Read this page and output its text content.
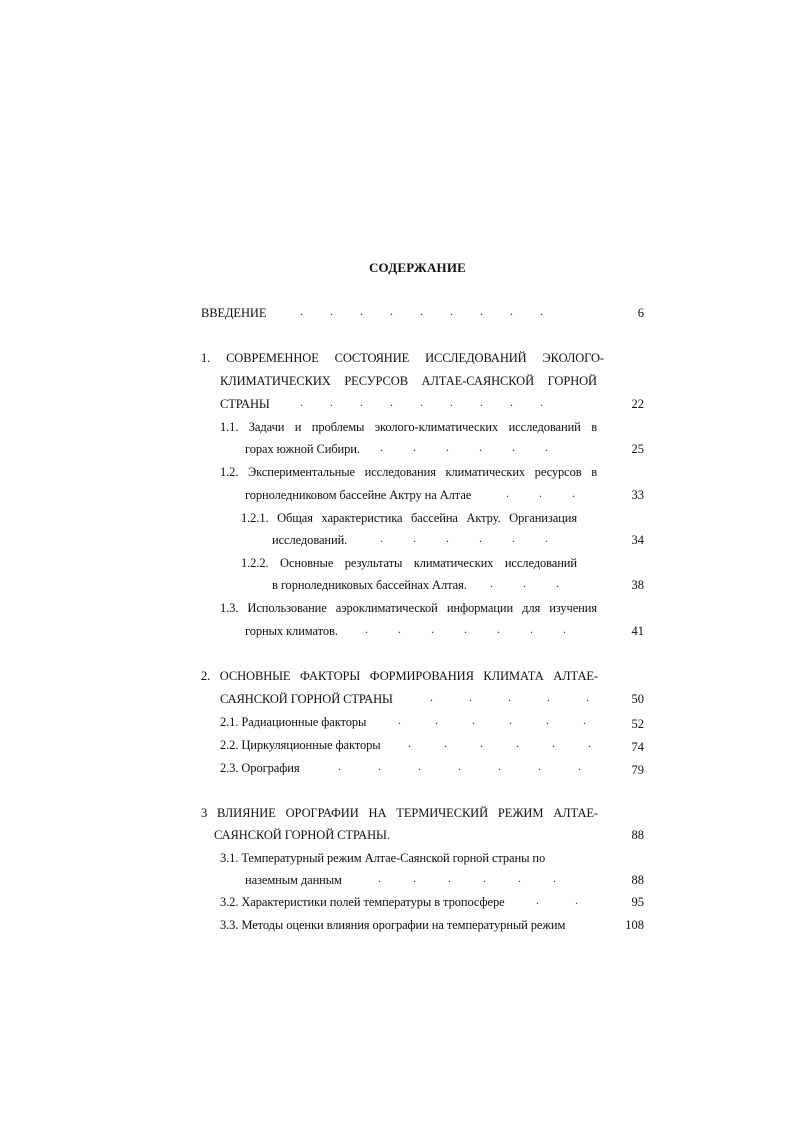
СОДЕРЖАНИЕ
ВВЕДЕНИЕ	.........	6
1. СОВРЕМЕННОЕ СОСТОЯНИЕ ИССЛЕДОВАНИЙ ЭКОЛОГО-
КЛИМАТИЧЕСКИХ РЕСУРСОВ АЛТАЕ-САЯНСКОЙ ГОРНОЙ
СТРАНЫ	.........	22
1.1. Задачи и проблемы эколого-климатических исследований в
горах южной Сибири. ......	25
1.2. Экспериментальные исследования климатических ресурсов в
горноледниковом бассейне Актру на Алтае	...	33
1.2.1. Общая характеристика бассейна Актру. Организация
исследований.	......	34
1.2.2. Основные результаты климатических исследований
в горноледниковых бассейнах Алтая. ...	38
1.3. Использование аэроклиматической информации для изучения
горных климатов. .......	41
2. ОСНОВНЫЕ ФАКТОРЫ ФОРМИРОВАНИЯ КЛИМАТА АЛТАЕ-
САЯНСКОЙ ГОРНОЙ СТРАНЫ	..... 50
2.1. Радиационные факторы	...... 52
2.2. Циркуляционные факторы ...... 74
2.3. Орография	.......	79
3 ВЛИЯНИЕ ОРОГРАФИИ НА ТЕРМИЧЕСКИЙ РЕЖИМ АЛТАЕ-
САЯНСКОЙ ГОРНОЙ СТРАНЫ.	88
3.1. Температурный режим Алтае-Саянской горной страны по
наземным данным	......	88
3.2. Характеристики полей температуры в тропосфере	..	95
3.3. Методы оценки влияния орографии на температурный режим	108
